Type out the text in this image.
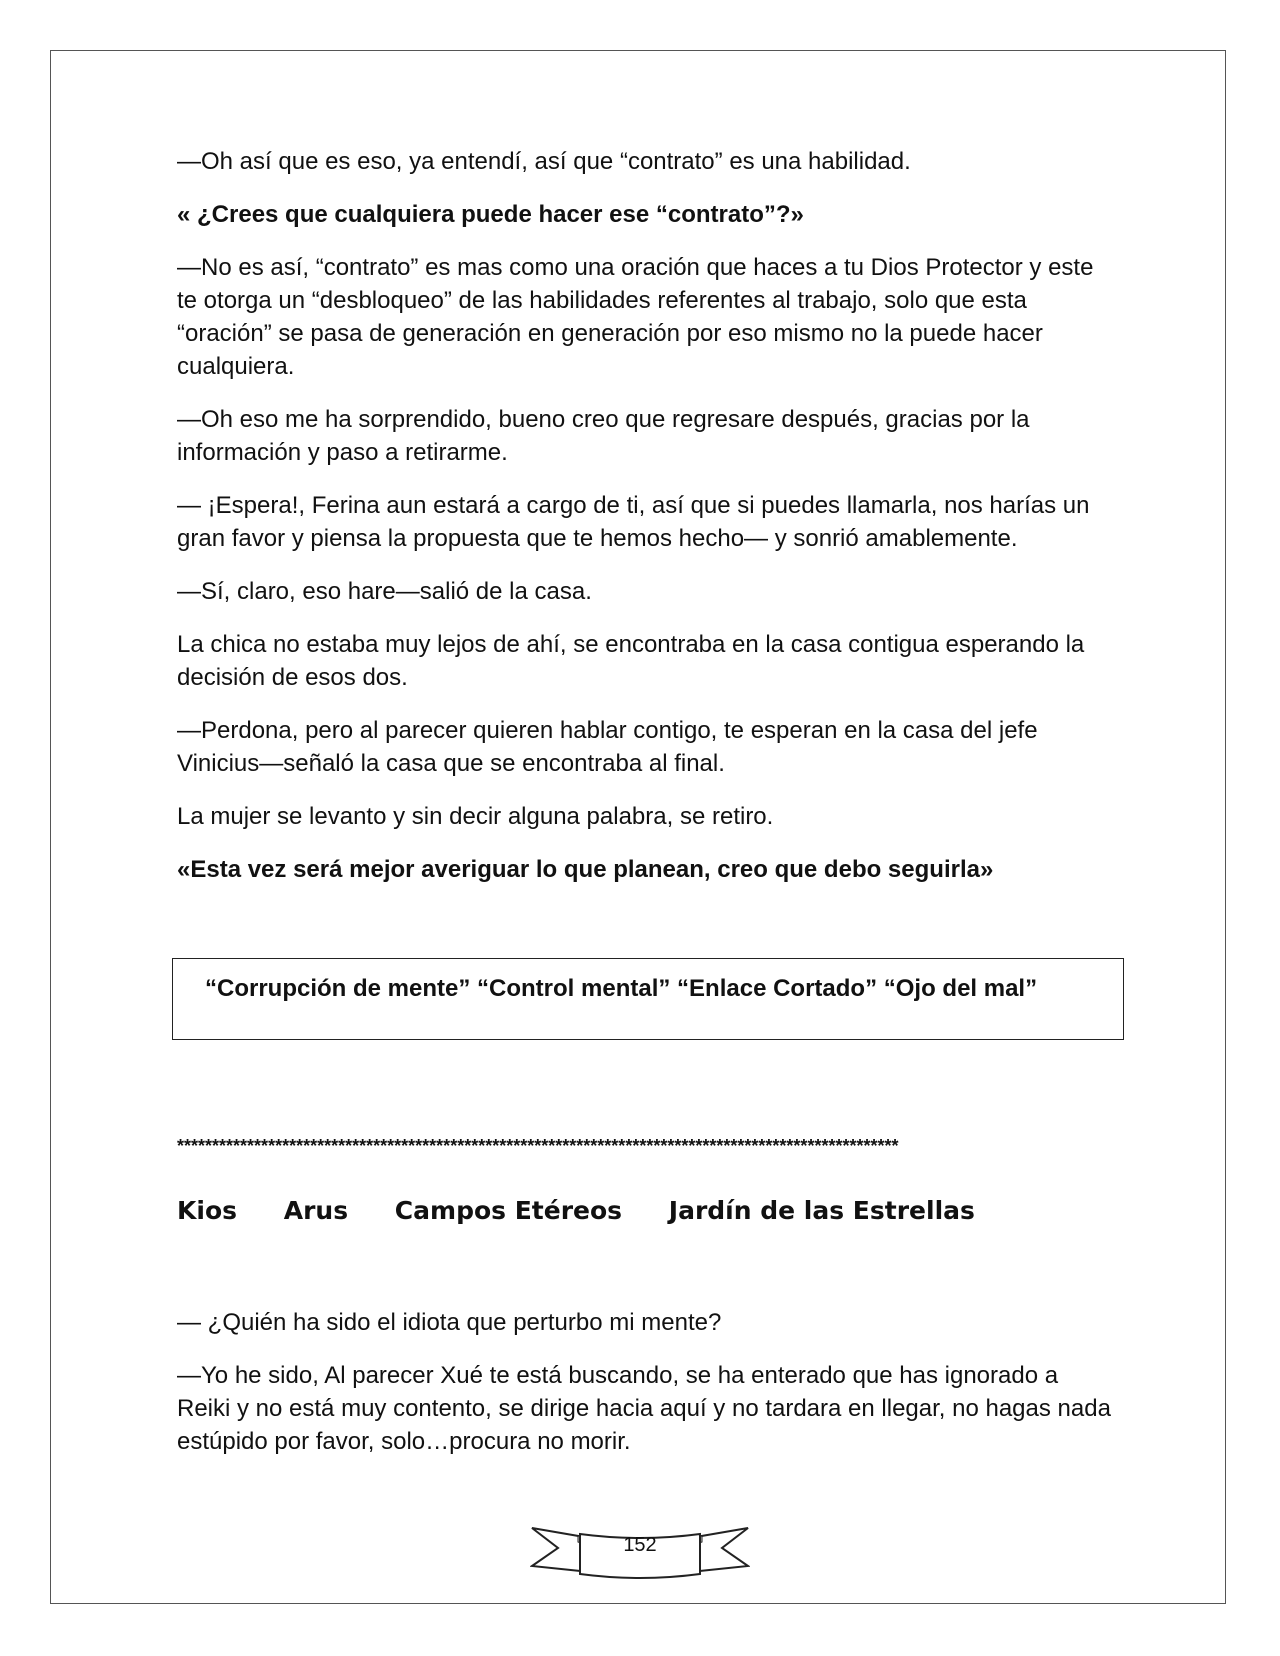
—Oh así que es eso, ya entendí, así que “contrato” es una habilidad.

« ¿Crees que cualquiera puede hacer ese “contrato”?»

—No es así, “contrato” es mas como una oración que haces a tu Dios Protector y este te otorga un “desbloqueo” de las habilidades referentes al trabajo, solo que esta “oración” se pasa de generación en generación por eso mismo no la puede hacer cualquiera.

—Oh eso me ha sorprendido, bueno creo que regresare después, gracias por la información y paso a retirarme.

— ¡Espera!, Ferina aun estará a cargo de ti, así que si puedes llamarla, nos harías un gran favor y piensa la propuesta que te hemos hecho— y sonrió amablemente.

—Sí, claro, eso hare—salió de la casa.

La chica no estaba muy lejos de ahí, se encontraba en la casa contigua esperando la decisión de esos dos.

—Perdona, pero al parecer quieren hablar contigo, te esperan en la casa del jefe Vinicius—señaló la casa que se encontraba al final.

La mujer se levanto y sin decir alguna palabra, se retiro.

«Esta vez será mejor averiguar lo que planean, creo que debo seguirla»

“Corrupción de mente” “Control mental” “Enlace Cortado” “Ojo del mal”
*******************************************************************************************************
Kios Arus Campos Etéreos Jardín de las Estrellas

— ¿Quién ha sido el idiota que perturbo mi mente?

—Yo he sido, Al parecer Xué te está buscando, se ha enterado que has ignorado a Reiki y no está muy contento, se dirige hacia aquí y no tardara en llegar, no hagas nada estúpido por favor, solo…procura no morir.

152
